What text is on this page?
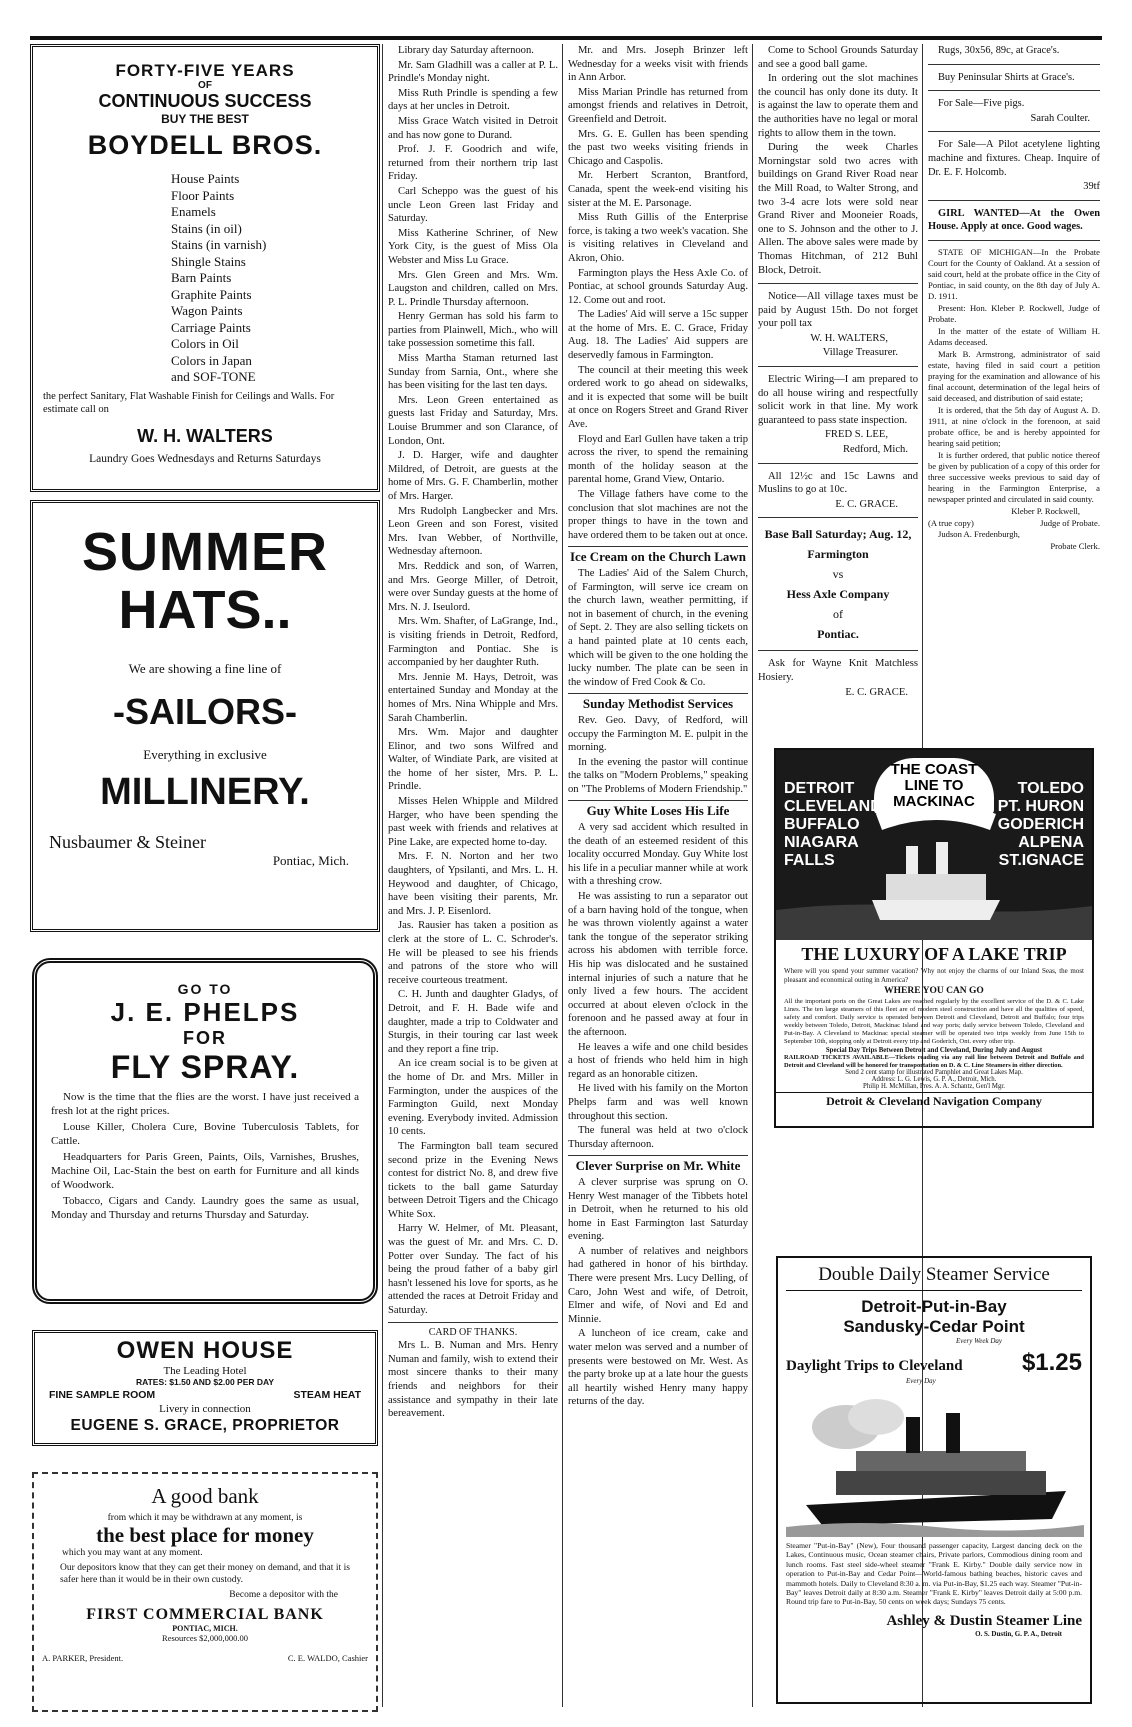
FORTY-FIVE YEARS
OF
CONTINUOUS SUCCESS
BUY THE BEST
BOYDELL BROS.
House Paints
Floor Paints
Enamels
Stains (in oil)
Stains (in varnish)
Shingle Stains
Barn Paints
Graphite Paints
Wagon Paints
Carriage Paints
Colors in Oil
Colors in Japan
and SOF-TONE
the perfect Sanitary, Flat Washable Finish for Ceilings and Walls. For estimate call on
W. H. WALTERS
Laundry Goes Wednesdays and Returns Saturdays
SUMMER
HATS..
We are showing a fine line of
-SAILORS-
Everything in exclusive
MILLINERY.
Nusbaumer & Steiner
Pontiac, Mich.
GO TO
J. E. PHELPS
FOR
FLY SPRAY.

Now is the time that the flies are the worst. I have just received a fresh lot at the right prices.

Louse Killer, Cholera Cure, Bovine Tuberculosis Tablets, for Cattle.

Headquarters for Paris Green, Paints, Oils, Varnishes, Brushes, Machine Oil, Lac-Stain the best on earth for Furniture and all kinds of Woodwork.

Tobacco, Cigars and Candy. Laundry goes the same as usual, Monday and Thursday and returns Thursday and Saturday.

OWEN HOUSE
The Leading Hotel
RATES: $1.50 AND $2.00 PER DAY
FINE SAMPLE ROOM	STEAM HEAT
Livery in connection
EUGENE S. GRACE, PROPRIETOR
A good bank
from which it may be withdrawn at any moment, is
the best place for money
which you may want at any moment.
Our depositors know that they can get their money on demand, and that it is safer here than it would be in their own custody.
Become a depositor with the
FIRST COMMERCIAL BANK
PONTIAC, MICH.
Resources $2,000,000.00
A. PARKER, President.	C. E. WALDO, Cashier

Library day Saturday afternoon.

Mr. Sam Gladhill was a caller at P. L. Prindle's Monday night.

Miss Ruth Prindle is spending a few days at her uncles in Detroit.

Miss Grace Watch visited in Detroit and has now gone to Durand.

Prof. J. F. Goodrich and wife, returned from their northern trip last Friday.

Carl Scheppo was the guest of his uncle Leon Green last Friday and Saturday.

Miss Katherine Schriner, of New York City, is the guest of Miss Ola Webster and Miss Lu Grace.

Mrs. Glen Green and Mrs. Wm. Laugston and children, called on Mrs. P. L. Prindle Thursday afternoon.

Henry German has sold his farm to parties from Plainwell, Mich., who will take possession sometime this fall.

Miss Martha Staman returned last Sunday from Sarnia, Ont., where she has been visiting for the last ten days.

Mrs. Leon Green entertained as guests last Friday and Saturday, Mrs. Louise Brummer and son Clarance, of London, Ont.

J. D. Harger, wife and daughter Mildred, of Detroit, are guests at the home of Mrs. G. F. Chamberlin, mother of Mrs. Harger.

Mrs Rudolph Langbecker and Mrs. Leon Green and son Forest, visited Mrs. Ivan Webber, of Northville, Wednesday afternoon.

Mrs. Reddick and son, of Warren, and Mrs. George Miller, of Detroit, were over Sunday guests at the home of Mrs. N. J. Iseulord.

Mrs. Wm. Shafter, of LaGrange, Ind., is visiting friends in Detroit, Redford, Farmington and Pontiac. She is accompanied by her daughter Ruth.

Mrs. Jennie M. Hays, Detroit, was entertained Sunday and Monday at the homes of Mrs. Nina Whipple and Mrs. Sarah Chamberlin.

Mrs. Wm. Major and daughter Elinor, and two sons Wilfred and Walter, of Windiate Park, are visited at the home of her sister, Mrs. P. L. Prindle.

Misses Helen Whipple and Mildred Harger, who have been spending the past week with friends and relatives at Pine Lake, are expected home to-day.

Mrs. F. N. Norton and her two daughters, of Ypsilanti, and Mrs. L. H. Heywood and daughter, of Chicago, have been visiting their parents, Mr. and Mrs. J. P. Eisenlord.

Jas. Rausier has taken a position as clerk at the store of L. C. Schroder's. He will be pleased to see his friends and patrons of the store who will receive courteous treatment.

C. H. Junth and daughter Gladys, of Detroit, and F. H. Bade wife and daughter, made a trip to Coldwater and Sturgis, in their touring car last week and they report a fine trip.

An ice cream social is to be given at the home of Dr. and Mrs. Miller in Farmington, under the auspices of the Farmington Guild, next Monday evening. Everybody invited. Admission 10 cents.

The Farmington ball team secured second prize in the Evening News contest for district No. 8, and drew five tickets to the ball game Saturday between Detroit Tigers and the Chicago White Sox.

Harry W. Helmer, of Mt. Pleasant, was the guest of Mr. and Mrs. C. D. Potter over Sunday. The fact of his being the proud father of a baby girl hasn't lessened his love for sports, as he attended the races at Detroit Friday and Saturday.

CARD OF THANKS.

Mrs L. B. Numan and Mrs. Henry Numan and family, wish to extend their most sincere thanks to their many friends and neighbors for their assistance and sympathy in their late bereavement.

Mr. and Mrs. Joseph Brinzer left Wednesday for a weeks visit with friends in Ann Arbor.

Miss Marian Prindle has returned from amongst friends and relatives in Detroit, Greenfield and Detroit.

Mrs. G. E. Gullen has been spending the past two weeks visiting friends in Chicago and Caspolis.

Mr. Herbert Scranton, Brantford, Canada, spent the week-end visiting his sister at the M. E. Parsonage.

Miss Ruth Gillis of the Enterprise force, is taking a two week's vacation. She is visiting relatives in Cleveland and Akron, Ohio.

Farmington plays the Hess Axle Co. of Pontiac, at school grounds Saturday Aug. 12. Come out and root.

The Ladies' Aid will serve a 15c supper at the home of Mrs. E. C. Grace, Friday Aug. 18. The Ladies' Aid suppers are deservedly famous in Farmington.

The council at their meeting this week ordered work to go ahead on sidewalks, and it is expected that some will be built at once on Rogers Street and Grand River Ave.

Floyd and Earl Gullen have taken a trip across the river, to spend the remaining month of the holiday season at the parental home, Grand View, Ontario.

The Village fathers have come to the conclusion that slot machines are not the proper things to have in the town and have ordered them to be taken out at once.

Ice Cream on the Church Lawn

The Ladies' Aid of the Salem Church, of Farmington, will serve ice cream on the church lawn, weather permitting, if not in basement of church, in the evening of Sept. 2. They are also selling tickets on a hand painted plate at 10 cents each, which will be given to the one holding the lucky number. The plate can be seen in the window of Fred Cook & Co.

Sunday Methodist Services

Rev. Geo. Davy, of Redford, will occupy the Farmington M. E. pulpit in the morning.

In the evening the pastor will continue the talks on "Modern Problems," speaking on "The Problems of Modern Friendship."

Guy White Loses His Life

A very sad accident which resulted in the death of an esteemed resident of this locality occurred Monday. Guy White lost his life in a peculiar manner while at work with a threshing crow.

He was assisting to run a separator out of a barn having hold of the tongue, when he was thrown violently against a water tank the tongue of the seperator striking across his abdomen with terrible force. His hip was dislocated and he sustained internal injuries of such a nature that he only lived a few hours. The accident occurred at about eleven o'clock in the forenoon and he passed away at four in the afternoon.

He leaves a wife and one child besides a host of friends who held him in high regard as an honorable citizen.

He lived with his family on the Morton Phelps farm and was well known throughout this section.

The funeral was held at two o'clock Thursday afternoon.

Clever Surprise on Mr. White

A clever surprise was sprung on O. Henry West manager of the Tibbets hotel in Detroit, when he returned to his old home in East Farmington last Saturday evening.

A number of relatives and neighbors had gathered in honor of his birthday. There were present Mrs. Lucy Delling, of Caro, John West and wife, of Detroit, Elmer and wife, of Novi and Ed and Minnie.

A luncheon of ice cream, cake and water melon was served and a number of presents were bestowed on Mr. West. As the party broke up at a late hour the guests all heartily wished Henry many happy returns of the day.

Come to School Grounds Saturday and see a good ball game.

In ordering out the slot machines the council has only done its duty. It is against the law to operate them and the authorities have no legal or moral rights to allow them in the town.

During the week Charles Morningstar sold two acres with buildings on Grand River Road near the Mill Road, to Walter Strong, and two 3-4 acre lots were sold near Grand River and Mooneier Roads, one to S. Johnson and the other to J. Allen. The above sales were made by Thomas Hitchman, of 212 Buhl Block, Detroit.

Notice—All village taxes must be paid by August 15th. Do not forget your poll tax

W. H. WALTERS,

Village Treasurer.

Electric Wiring—I am prepared to do all house wiring and respectfully solicit work in that line. My work guaranteed to pass state inspection.

FRED S. LEE,

Redford, Mich.

All 12½c and 15c Lawns and Muslins to go at 10c.

E. C. GRACE.

Base Ball Saturday; Aug. 12,
Farmington
vs
Hess Axle Company
of
Pontiac.

Ask for Wayne Knit Matchless Hosiery.

E. C. GRACE.

Rugs, 30x56, 89c, at Grace's.

Buy Peninsular Shirts at Grace's.

For Sale—Five pigs.

Sarah Coulter.

For Sale—A Pilot acetylene lighting machine and fixtures. Cheap. Inquire of Dr. E. F. Holcomb.

39tf

GIRL WANTED—At the Owen House. Apply at once. Good wages.

STATE OF MICHIGAN—In the Probate Court for the County of Oakland. At a session of said court, held at the probate office in the City of Pontiac, in said county, on the 8th day of July A. D. 1911.

Present: Hon. Kleber P. Rockwell, Judge of Probate.

In the matter of the estate of William H. Adams deceased.

Mark B. Armstrong, administrator of said estate, having filed in said court a petition praying for the examination and allowance of his final account, determination of the legal heirs of said deceased, and distribution of said estate;

It is ordered, that the 5th day of August A. D. 1911, at nine o'clock in the forenoon, at said probate office, be and is hereby appointed for hearing said petition;

It is further ordered, that public notice thereof be given by publication of a copy of this order for three successive weeks previous to said day of hearing in the Farmington Enterprise, a newspaper printed and circulated in said county.

Kleber P. Rockwell,

(A true copy)	Judge of Probate.

Judson A. Fredenburgh,

Probate Clerk.

THE COAST LINE TO MACKINAC
DETROIT
CLEVELAND
BUFFALO
NIAGARA
FALLS
TOLEDO
PT. HURON
GODERICH
ALPENA
ST.IGNACE
THE LUXURY OF A LAKE TRIP
Where will you spend your summer vacation? Why not enjoy the charms of our Inland Seas, the most pleasant and economical outing in America?
WHERE YOU CAN GO
All the important ports on the Great Lakes are reached regularly by the excellent service of the D. & C. Lake Lines. The ten large steamers of this fleet are of modern steel construction and have all the qualities of speed, safety and comfort. Daily service is operated between Detroit and Cleveland, Detroit and Buffalo; four trips weekly between Toledo, Detroit, Mackinac Island and way ports; daily service between Toledo, Cleveland and Put-in-Bay. A Cleveland to Mackinac special steamer will be operated two trips weekly from June 15th to September 10th, stopping only at Detroit every trip and Goderich, Ont. every other trip.
Special Day Trips Between Detroit and Cleveland, During July and August
RAILROAD TICKETS AVAILABLE—Tickets reading via any rail line between Detroit and Buffalo and Detroit and Cleveland will be honored for transportation on D. & C. Line Steamers in either direction.
Send 2 cent stamp for illustrated Pamphlet and Great Lakes Map.
Address: L. G. Lewis, G. P. A., Detroit, Mich.
Philip H. McMillan, Pres. A. A. Schantz, Gen'l Mgr.
Detroit & Cleveland Navigation Company
Double Daily Steamer Service
Detroit-Put-in-Bay
Sandusky-Cedar Point
Every Week Day
Daylight Trips to Cleveland $1.25
Every Day
Steamer "Put-in-Bay" (New), Four thousand passenger capacity, Largest dancing deck on the Lakes, Continuous music, Ocean steamer chairs, Private parlors, Commodious dining room and lunch rooms. Fast steel side-wheel steamer "Frank E. Kirby." Double daily service now in operation to Put-in-Bay and Cedar Point—World-famous bathing beaches, historic caves and mammoth hotels. Daily to Cleveland 8:30 a. m. via Put-in-Bay, $1.25 each way. Steamer "Put-in-Bay" leaves Detroit daily at 8:30 a.m. Steamer "Frank E. Kirby" leaves Detroit daily at 5:00 p.m. Round trip fare to Put-in-Bay, 50 cents on week days; Sundays 75 cents.
Ashley & Dustin Steamer Line
O. S. Dustin, G. P. A., Detroit
